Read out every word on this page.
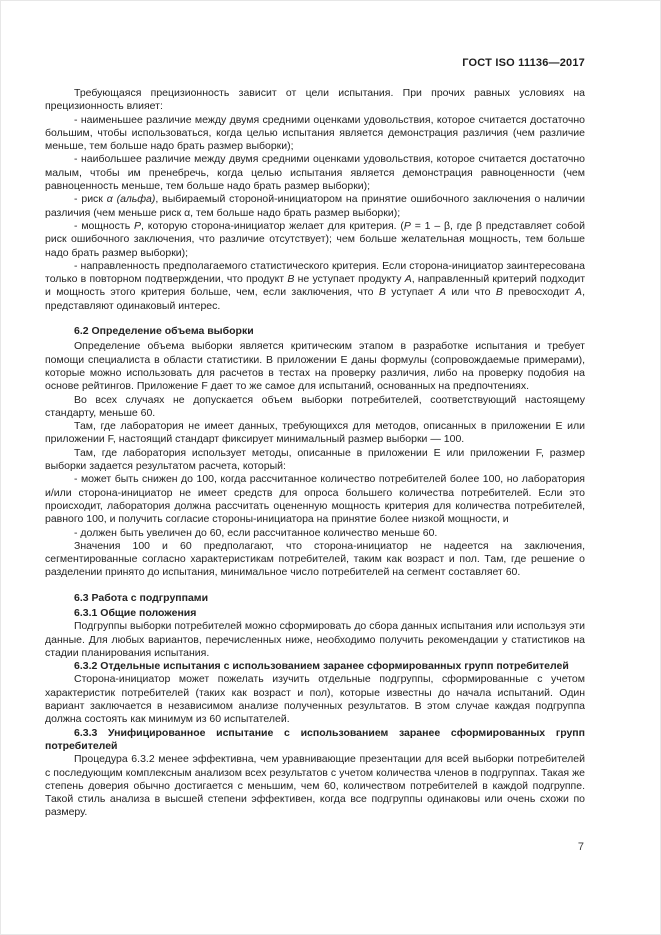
ГОСТ ISO 11136—2017

Требующаяся прецизионность зависит от цели испытания. При прочих равных условиях на прецизионность влияет:

- наименьшее различие между двумя средними оценками удовольствия, которое считается достаточно большим, чтобы использоваться, когда целью испытания является демонстрация различия (чем различие меньше, тем больше надо брать размер выборки);

- наибольшее различие между двумя средними оценками удовольствия, которое считается достаточно малым, чтобы им пренебречь, когда целью испытания является демонстрация равноценности (чем равноценность меньше, тем больше надо брать размер выборки);

- риск α (альфа), выбираемый стороной-инициатором на принятие ошибочного заключения о наличии различия (чем меньше риск α, тем больше надо брать размер выборки);

- мощность P, которую сторона-инициатор желает для критерия. (P = 1 – β, где β представляет собой риск ошибочного заключения, что различие отсутствует); чем больше желательная мощность, тем больше надо брать размер выборки);

- направленность предполагаемого статистического критерия. Если сторона-инициатор заинтересована только в повторном подтверждении, что продукт В не уступает продукту А, направленный критерий подходит и мощность этого критерия больше, чем, если заключения, что В уступает А или что В превосходит А, представляют одинаковый интерес.

6.2 Определение объема выборки

Определение объема выборки является критическим этапом в разработке испытания и требует помощи специалиста в области статистики. В приложении Е даны формулы (сопровождаемые примерами), которые можно использовать для расчетов в тестах на проверку различия, либо на проверку подобия на основе рейтингов. Приложение F дает то же самое для испытаний, основанных на предпочтениях.

Во всех случаях не допускается объем выборки потребителей, соответствующий настоящему стандарту, меньше 60.

Там, где лаборатория не имеет данных, требующихся для методов, описанных в приложении Е или приложении F, настоящий стандарт фиксирует минимальный размер выборки — 100.

Там, где лаборатория использует методы, описанные в приложении Е или приложении F, размер выборки задается результатом расчета, который:

- может быть снижен до 100, когда рассчитанное количество потребителей более 100, но лаборатория и/или сторона-инициатор не имеет средств для опроса большего количества потребителей. Если это происходит, лаборатория должна рассчитать оцененную мощность критерия для количества потребителей, равного 100, и получить согласие стороны-инициатора на принятие более низкой мощности, и

- должен быть увеличен до 60, если рассчитанное количество меньше 60.

Значения 100 и 60 предполагают, что сторона-инициатор не надеется на заключения, сегментированные согласно характеристикам потребителей, таким как возраст и пол. Там, где решение о разделении принято до испытания, минимальное число потребителей на сегмент составляет 60.

6.3 Работа с подгруппами

6.3.1 Общие положения

Подгруппы выборки потребителей можно сформировать до сбора данных испытания или используя эти данные. Для любых вариантов, перечисленных ниже, необходимо получить рекомендации у статистиков на стадии планирования испытания.

6.3.2 Отдельные испытания с использованием заранее сформированных групп потребителей

Сторона-инициатор может пожелать изучить отдельные подгруппы, сформированные с учетом характеристик потребителей (таких как возраст и пол), которые известны до начала испытаний. Один вариант заключается в независимом анализе полученных результатов. В этом случае каждая подгруппа должна состоять как минимум из 60 испытателей.

6.3.3 Унифицированное испытание с использованием заранее сформированных групп потребителей

Процедура 6.3.2 менее эффективна, чем уравнивающие презентации для всей выборки потребителей с последующим комплексным анализом всех результатов с учетом количества членов в подгруппах. Такая же степень доверия обычно достигается с меньшим, чем 60, количеством потребителей в каждой подгруппе. Такой стиль анализа в высшей степени эффективен, когда все подгруппы одинаковы или очень схожи по размеру.

7
